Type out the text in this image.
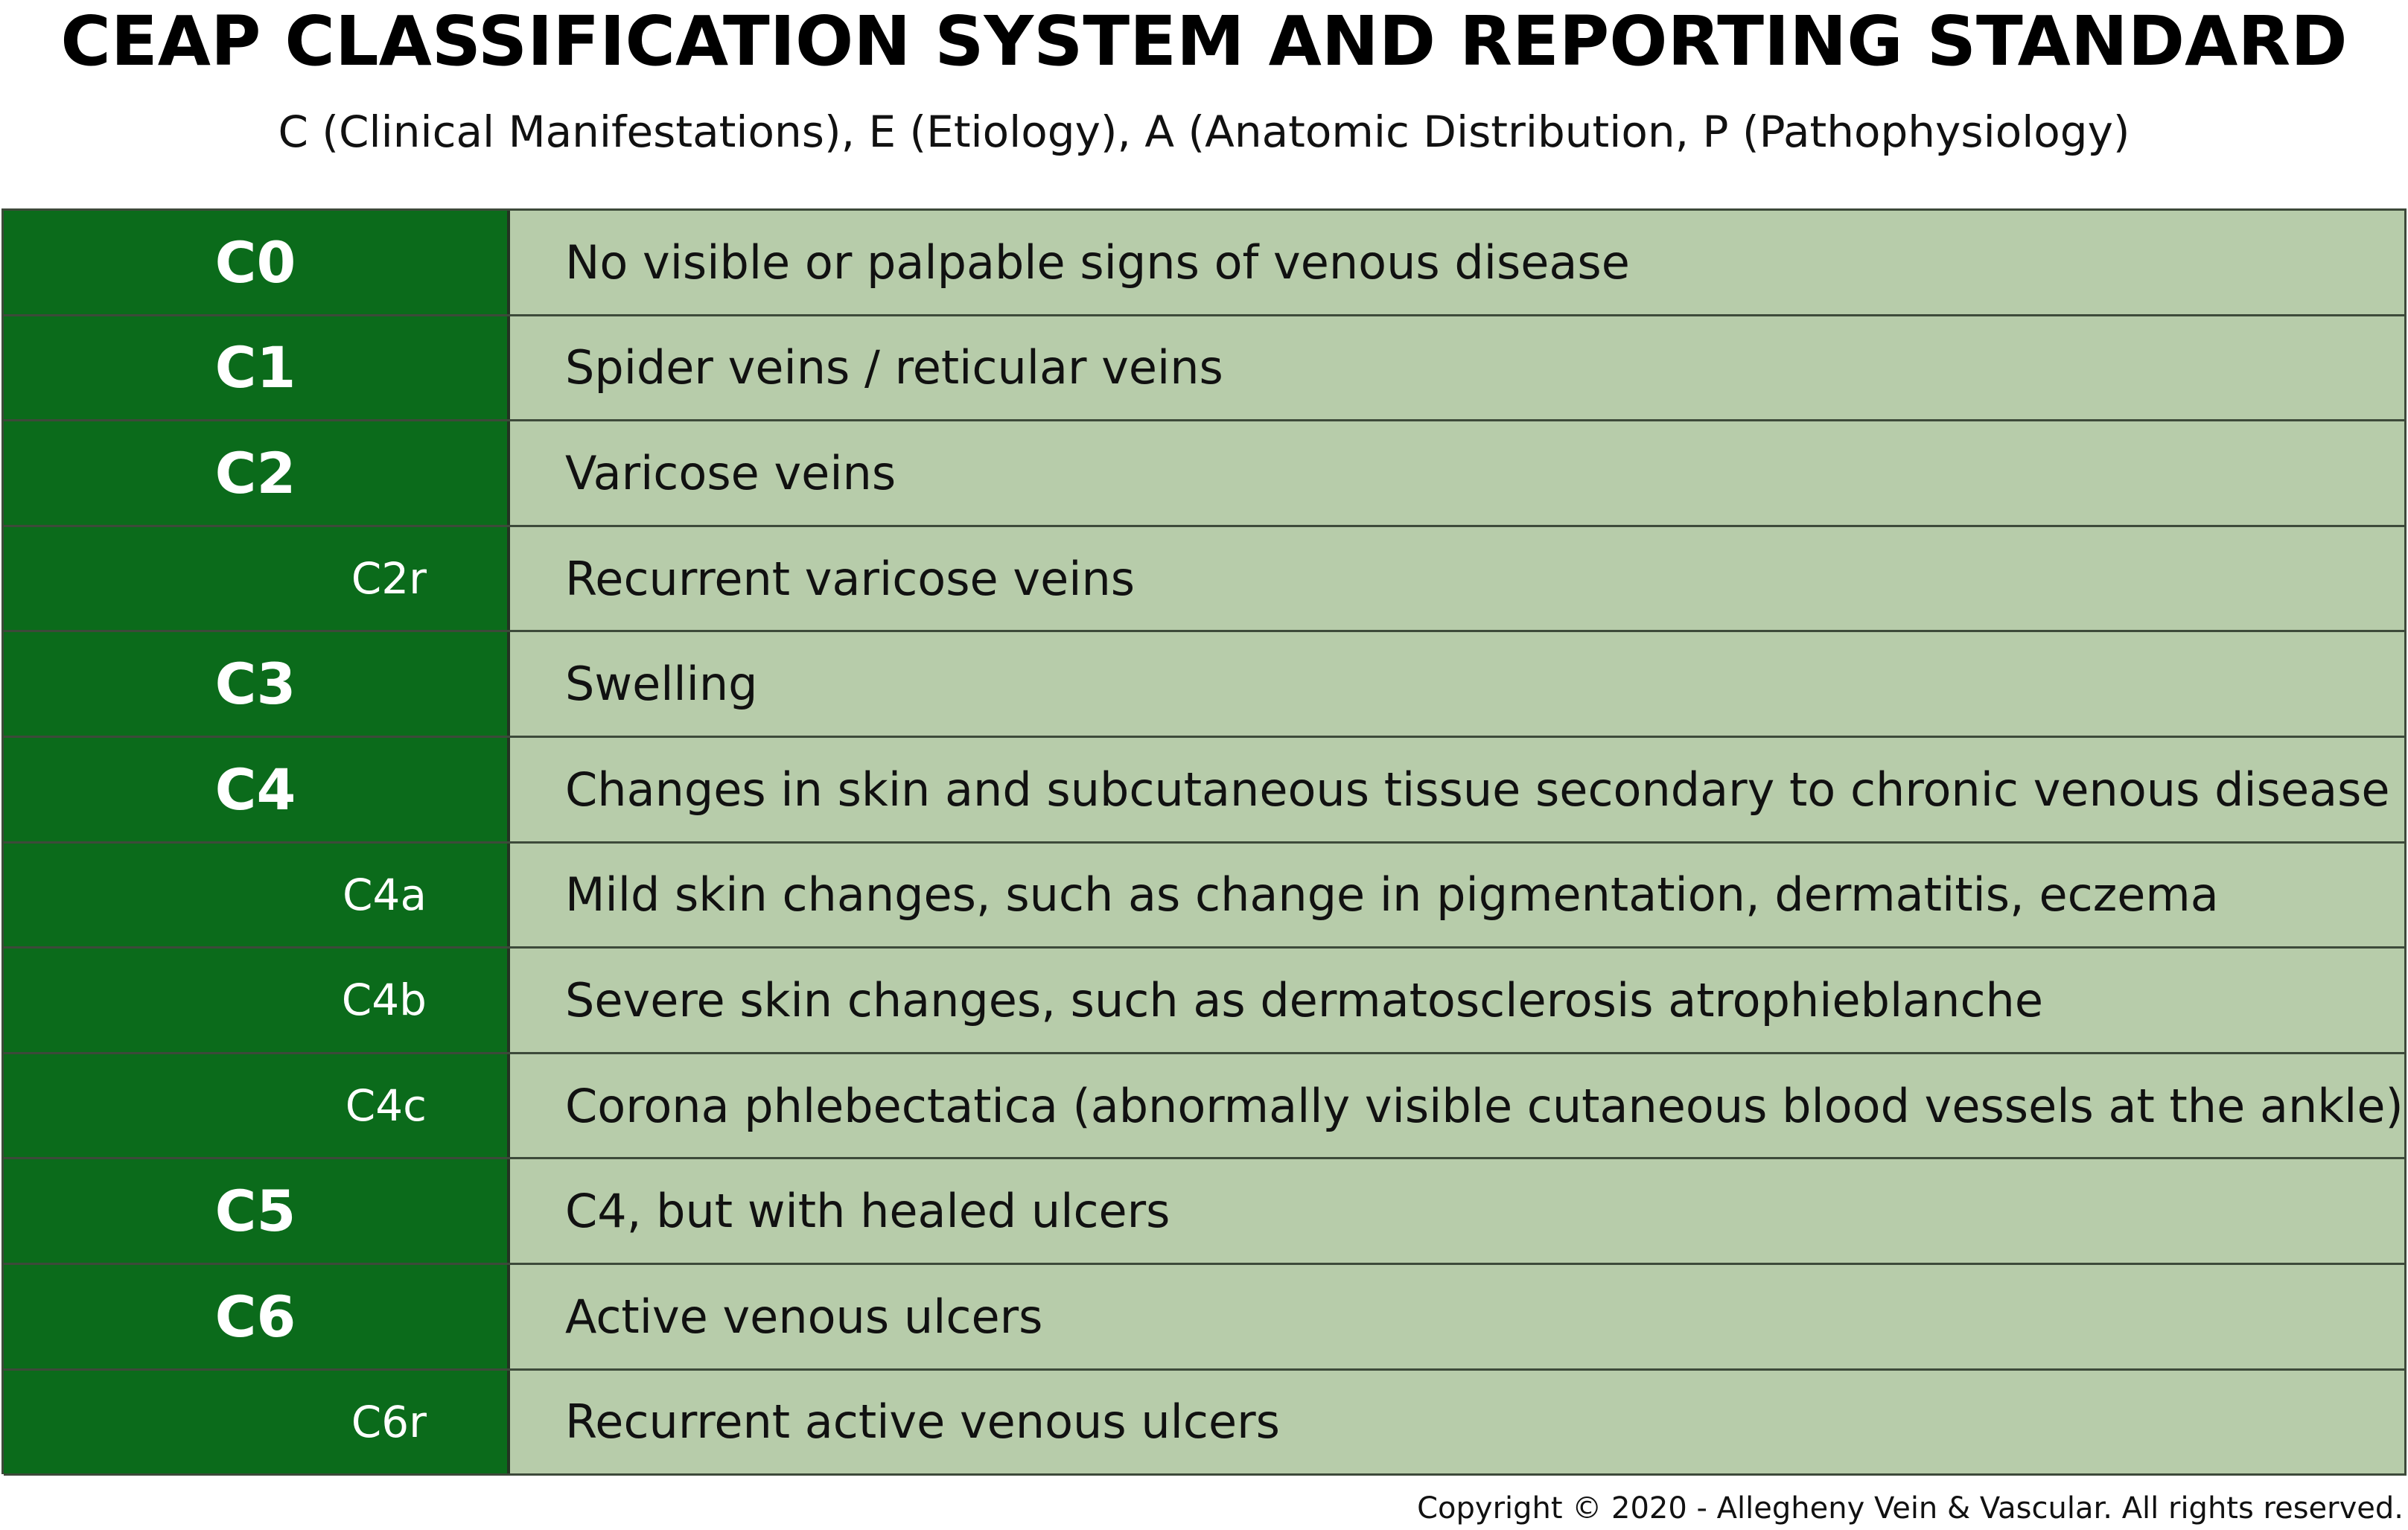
CEAP CLASSIFICATION SYSTEM AND REPORTING STANDARD
C (Clinical Manifestations), E (Etiology), A (Anatomic Distribution, P (Pathophysiology)
C0	No visible or palpable signs of venous disease
C1	Spider veins / reticular veins
C2	Varicose veins
C2r	Recurrent varicose veins
C3	Swelling
C4	Changes in skin and subcutaneous tissue secondary to chronic venous disease
C4a	Mild skin changes, such as change in pigmentation, dermatitis, eczema
C4b	Severe skin changes, such as dermatosclerosis atrophieblanche
C4c	Corona phlebectatica (abnormally visible cutaneous blood vessels at the ankle)
C5	C4, but with healed ulcers
C6	Active venous ulcers
C6r	Recurrent active venous ulcers
Copyright © 2020 - Allegheny Vein & Vascular. All rights reserved.
